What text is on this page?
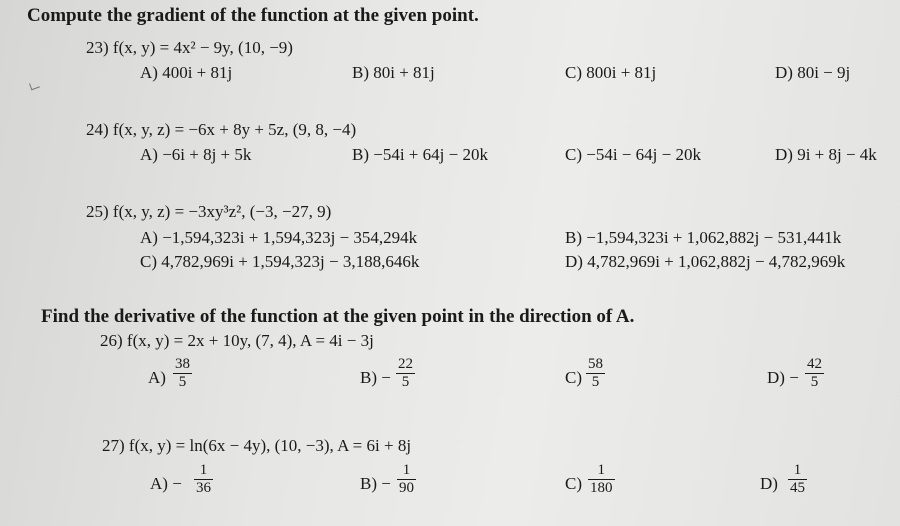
Compute the gradient of the function at the given point.
23) f(x, y) = 4x² − 9y, (10, −9)
A) 400i + 81j	B) 80i + 81j	C) 800i + 81j	D) 80i − 9j
24) f(x, y, z) = −6x + 8y + 5z, (9, 8, −4)
A) −6i + 8j + 5k	B) −54i + 64j − 20k	C) −54i − 64j − 20k	D) 9i + 8j − 4k
25) f(x, y, z) = −3xy³z², (−3, −27, 9)
A) −1,594,323i + 1,594,323j − 354,294k	B) −1,594,323i + 1,062,882j − 531,441k
C) 4,782,969i + 1,594,323j − 3,188,646k	D) 4,782,969i + 1,062,882j − 4,782,969k
Find the derivative of the function at the given point in the direction of A.
26) f(x, y) = 2x + 10y, (7, 4), A = 4i − 3j
A)
38
5	B) −
22
5	C)
58
5	D) −
42
5
27) f(x, y) = ln(6x − 4y), (10, −3), A = 6i + 8j
A) −
1
36	B) −
1
90	C)
1
180	D)
1
45
